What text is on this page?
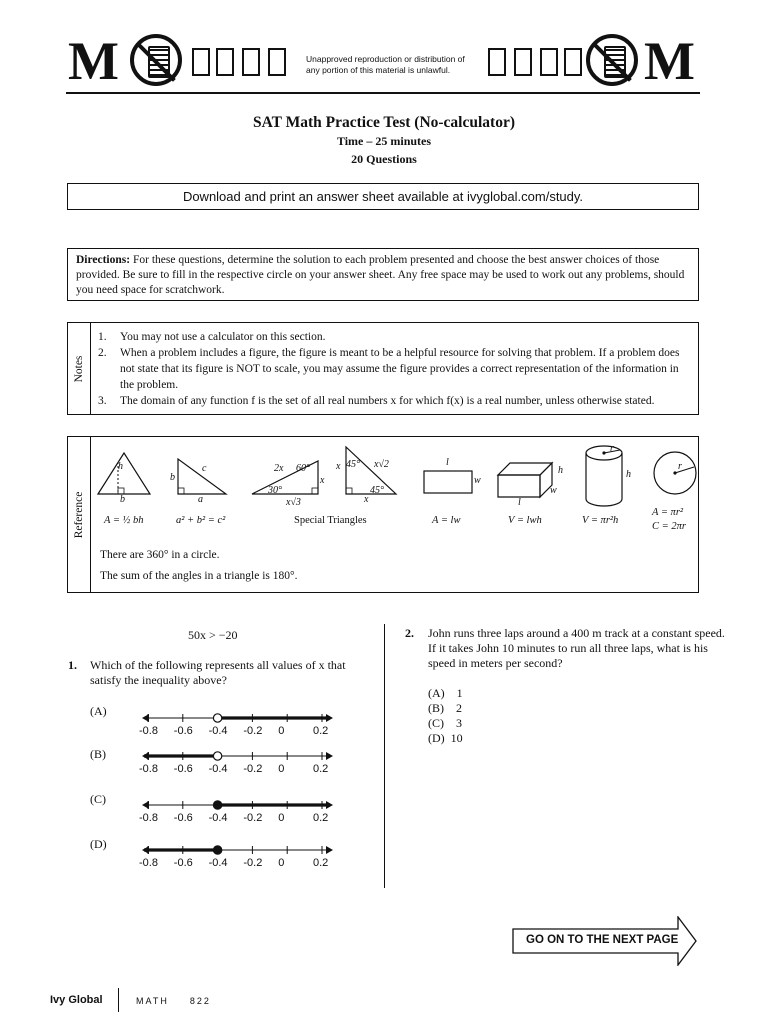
M	Unapproved reproduction or distribution of any portion of this material is unlawful.	M
SAT Math Practice Test (No-calculator)
Time – 25 minutes
20 Questions
Download and print an answer sheet available at ivyglobal.com/study.
Directions: For these questions, determine the solution to each problem presented and choose the best answer choices of those provided. Be sure to fill in the respective circle on your answer sheet. Any free space may be used to work out any problems, should you need space for scratchwork.
Notes
1. You may not use a calculator on this section.
2. When a problem includes a figure, the figure is meant to be a helpful resource for solving that problem. If a problem does not state that its figure is NOT to scale, you may assume the figure provides a correct representation of the information in the problem.
3. The domain of any function f is the set of all real numbers x for which f(x) is a real number, unless otherwise stated.
Reference
h
b
b
c
a
2x 60°
30°
x
x√3
x 45° x√2
45°
x
l
w
l
h
w
r
h
r
A = ½ bh	a² + b² = c²	Special Triangles	A = lw	V = lwh	V = πr²h
A = πr²
C = 2πr
There are 360° in a circle.
The sum of the angles in a triangle is 180°.
50x > −20
1. Which of the following represents all values of x that satisfy the inequality above?
(A)
(B)
(C)
(D)
-0.8 -0.6 -0.4 -0.2 0	0.2
-0.8 -0.6 -0.4 -0.2 0	0.2
-0.8 -0.6 -0.4 -0.2 0	0.2
-0.8 -0.6 -0.4 -0.2 0	0.2
2. John runs three laps around a 400 m track at a constant speed. If it takes John 10 minutes to run all three laps, what is his speed in meters per second?
(A) 1
(B) 2
(C) 3
(D) 10
GO ON TO THE NEXT PAGE
Ivy Global	MATH 822
